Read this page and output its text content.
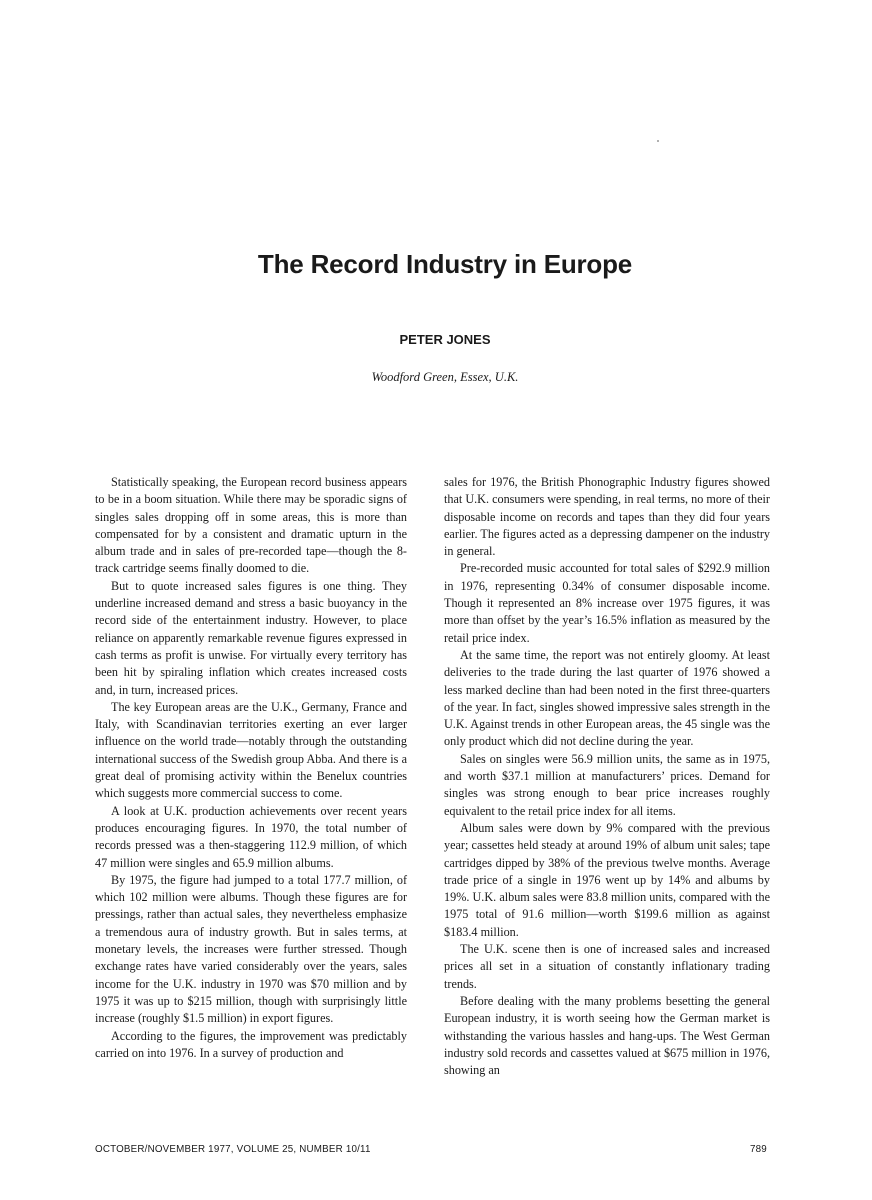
The Record Industry in Europe
PETER JONES
Woodford Green, Essex, U.K.

Statistically speaking, the European record business appears to be in a boom situation. While there may be sporadic signs of singles sales dropping off in some areas, this is more than compensated for by a consistent and dramatic upturn in the album trade and in sales of pre-recorded tape—though the 8-track cartridge seems finally doomed to die.

But to quote increased sales figures is one thing. They underline increased demand and stress a basic buoyancy in the record side of the entertainment industry. However, to place reliance on apparently remarkable revenue figures expressed in cash terms as profit is unwise. For virtually every territory has been hit by spiraling inflation which creates increased costs and, in turn, increased prices.

The key European areas are the U.K., Germany, France and Italy, with Scandinavian territories exerting an ever larger influence on the world trade—notably through the outstanding international success of the Swedish group Abba. And there is a great deal of promising activity within the Benelux countries which suggests more commercial success to come.

A look at U.K. production achievements over recent years produces encouraging figures. In 1970, the total number of records pressed was a then-staggering 112.9 million, of which 47 million were singles and 65.9 million albums.

By 1975, the figure had jumped to a total 177.7 million, of which 102 million were albums. Though these figures are for pressings, rather than actual sales, they nevertheless emphasize a tremendous aura of industry growth. But in sales terms, at monetary levels, the increases were further stressed. Though exchange rates have varied considerably over the years, sales income for the U.K. industry in 1970 was $70 million and by 1975 it was up to $215 million, though with surprisingly little increase (roughly $1.5 million) in export figures.

According to the figures, the improvement was predictably carried on into 1976. In a survey of production and

sales for 1976, the British Phonographic Industry figures showed that U.K. consumers were spending, in real terms, no more of their disposable income on records and tapes than they did four years earlier. The figures acted as a depressing dampener on the industry in general.

Pre-recorded music accounted for total sales of $292.9 million in 1976, representing 0.34% of consumer disposable income. Though it represented an 8% increase over 1975 figures, it was more than offset by the year’s 16.5% inflation as measured by the retail price index.

At the same time, the report was not entirely gloomy. At least deliveries to the trade during the last quarter of 1976 showed a less marked decline than had been noted in the first three-quarters of the year. In fact, singles showed impressive sales strength in the U.K. Against trends in other European areas, the 45 single was the only product which did not decline during the year.

Sales on singles were 56.9 million units, the same as in 1975, and worth $37.1 million at manufacturers’ prices. Demand for singles was strong enough to bear price increases roughly equivalent to the retail price index for all items.

Album sales were down by 9% compared with the previous year; cassettes held steady at around 19% of album unit sales; tape cartridges dipped by 38% of the previous twelve months. Average trade price of a single in 1976 went up by 14% and albums by 19%. U.K. album sales were 83.8 million units, compared with the 1975 total of 91.6 million—worth $199.6 million as against $183.4 million.

The U.K. scene then is one of increased sales and increased prices all set in a situation of constantly inflationary trading trends.

Before dealing with the many problems besetting the general European industry, it is worth seeing how the German market is withstanding the various hassles and hang-ups. The West German industry sold records and cassettes valued at $675 million in 1976, showing an

OCTOBER/NOVEMBER 1977, VOLUME 25, NUMBER 10/11	789
